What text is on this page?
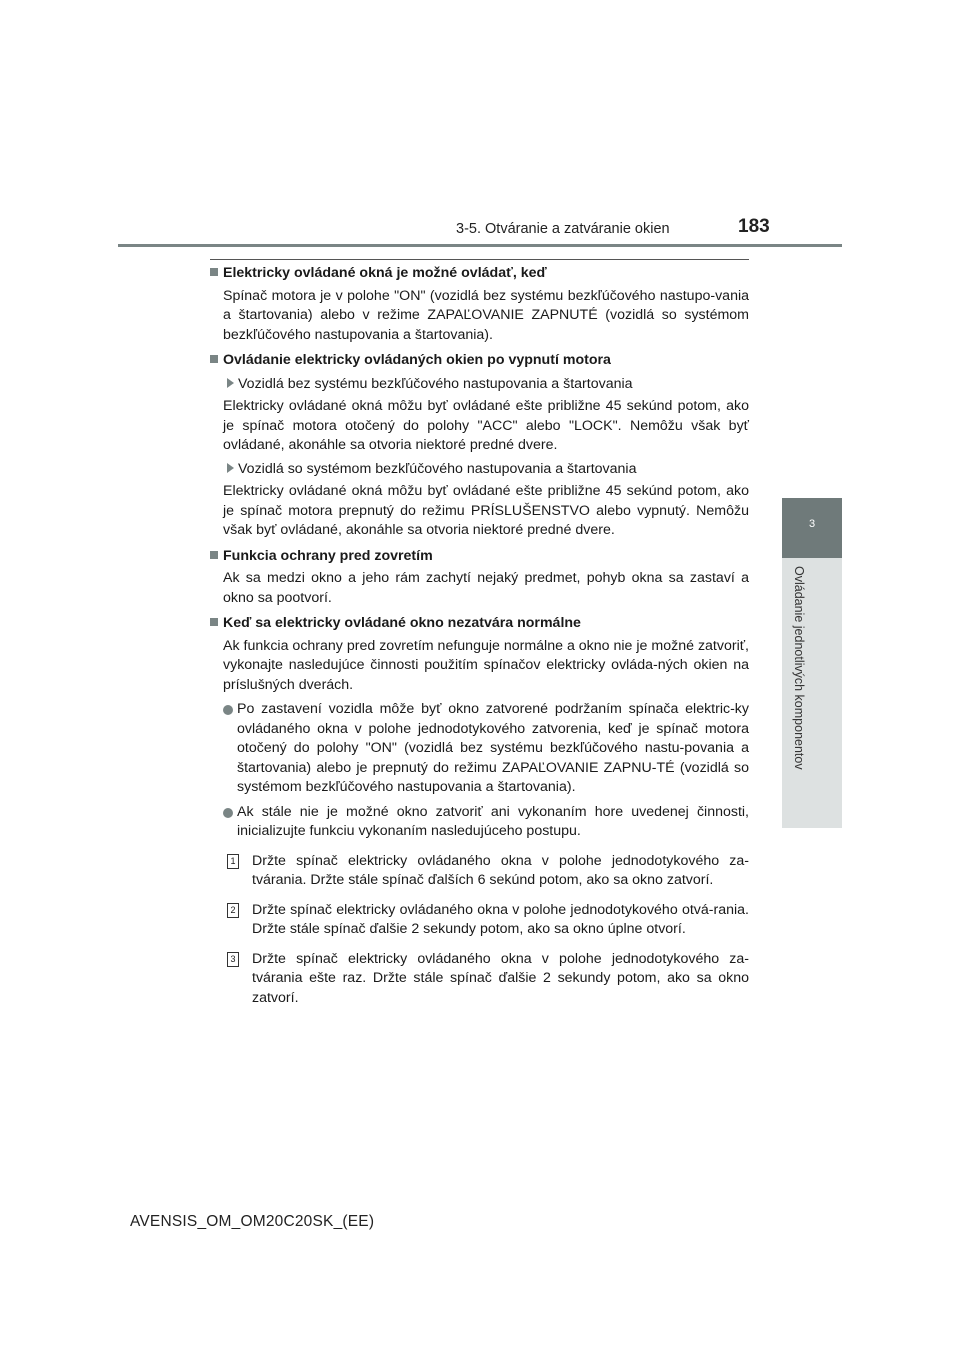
3-5. Otváranie a zatváranie okien	183
3
Ovládanie jednotlivých komponentov
Elektricky ovládané okná je možné ovládať, keď
Spínač motora je v polohe "ON" (vozidlá bez systému bezkľúčového nastupo-vania a štartovania) alebo v režime ZAPAĽOVANIE ZAPNUTÉ (vozidlá so systémom bezkľúčového nastupovania a štartovania).
Ovládanie elektricky ovládaných okien po vypnutí motora
Vozidlá bez systému bezkľúčového nastupovania a štartovania
Elektricky ovládané okná môžu byť ovládané ešte približne 45 sekúnd potom, ako je spínač motora otočený do polohy "ACC" alebo "LOCK". Nemôžu však byť ovládané, akonáhle sa otvoria niektoré predné dvere.
Vozidlá so systémom bezkľúčového nastupovania a štartovania
Elektricky ovládané okná môžu byť ovládané ešte približne 45 sekúnd potom, ako je spínač motora prepnutý do režimu PRÍSLUŠENSTVO alebo vypnutý. Nemôžu však byť ovládané, akonáhle sa otvoria niektoré predné dvere.
Funkcia ochrany pred zovretím
Ak sa medzi okno a jeho rám zachytí nejaký predmet, pohyb okna sa zastaví a okno sa pootvorí.
Keď sa elektricky ovládané okno nezatvára normálne
Ak funkcia ochrany pred zovretím nefunguje normálne a okno nie je možné zatvoriť, vykonajte nasledujúce činnosti použitím spínačov elektricky ovláda-ných okien na príslušných dverách.
Po zastavení vozidla môže byť okno zatvorené podržaním spínača elektric-ky ovládaného okna v polohe jednodotykového zatvorenia, keď je spínač motora otočený do polohy "ON" (vozidlá bez systému bezkľúčového nastu-povania a štartovania) alebo je prepnutý do režimu ZAPAĽOVANIE ZAPNU-TÉ (vozidlá so systémom bezkľúčového nastupovania a štartovania).
Ak stále nie je možné okno zatvoriť ani vykonaním hore uvedenej činnosti, inicializujte funkciu vykonaním nasledujúceho postupu.
1 Držte spínač elektricky ovládaného okna v polohe jednodotykového za-tvárania. Držte stále spínač ďalších 6 sekúnd potom, ako sa okno zatvorí.
2 Držte spínač elektricky ovládaného okna v polohe jednodotykového otvá-rania. Držte stále spínač ďalšie 2 sekundy potom, ako sa okno úplne otvorí.
3 Držte spínač elektricky ovládaného okna v polohe jednodotykového za-tvárania ešte raz. Držte stále spínač ďalšie 2 sekundy potom, ako sa okno zatvorí.
AVENSIS_OM_OM20C20SK_(EE)
